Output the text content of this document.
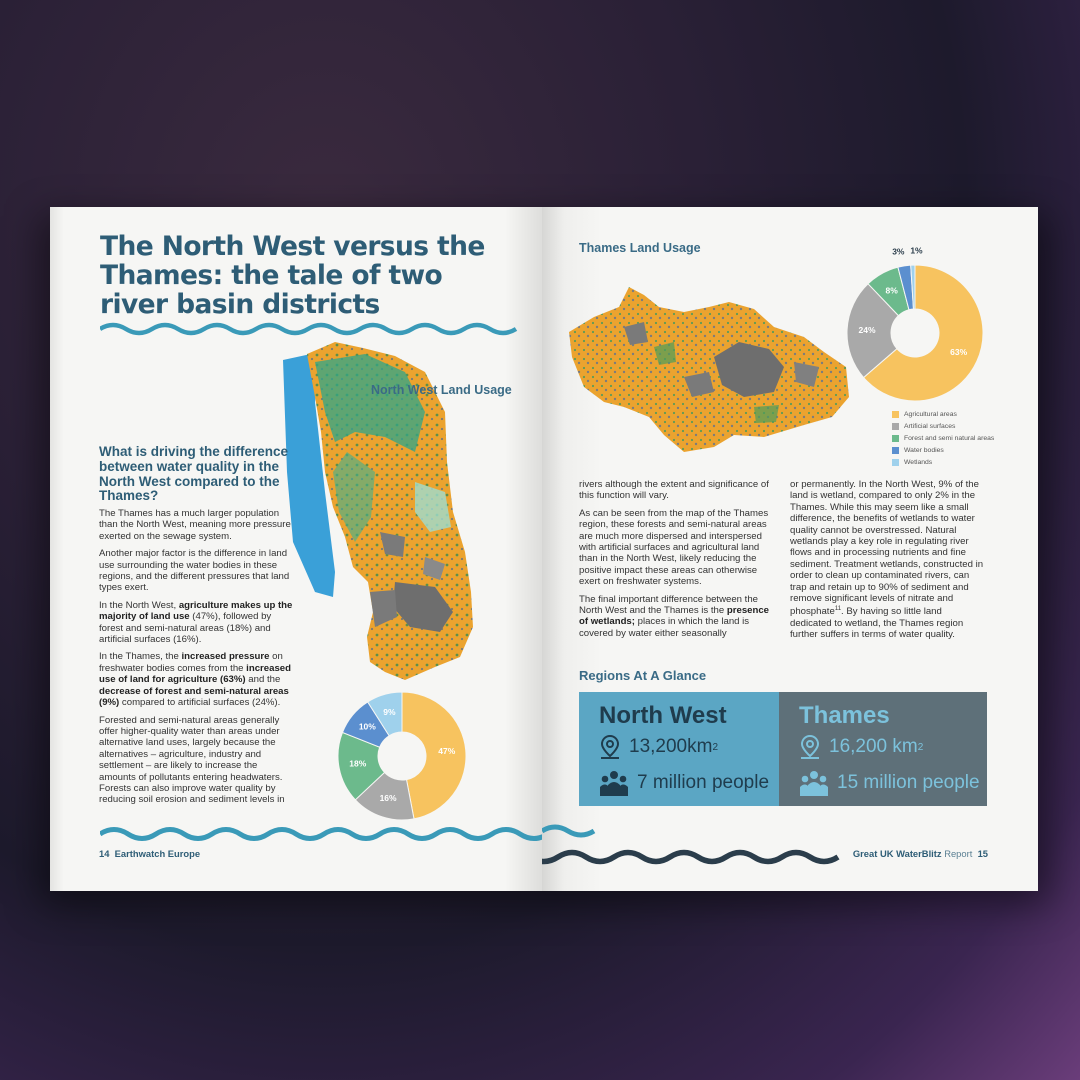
The North West versus the Thames: the tale of two river basin districts
North West Land Usage
What is driving the difference between water quality in the North West compared to the Thames?

The Thames has a much larger population than the North West, meaning more pressure exerted on the sewage system.

Another major factor is the difference in land use surrounding the water bodies in these regions, and the different pressures that land types exert.

In the North West, agriculture makes up the majority of land use (47%), followed by forest and semi-natural areas (18%) and artificial surfaces (16%).

In the Thames, the increased pressure on freshwater bodies comes from the increased use of land for agriculture (63%) and the decrease of forest and semi-natural areas (9%) compared to artificial surfaces (24%).

Forested and semi-natural areas generally offer higher-quality water than areas under alternative land uses, largely because the alternatives – agriculture, industry and settlement – are likely to increase the amounts of pollutants entering headwaters. Forests can also improve water quality by reducing soil erosion and sediment levels in

47%
16%
18%
10%
9%
14 Earthwatch Europe
Thames Land Usage
63%
24%
8%
3% 1%
Agricultural areas
Artificial surfaces
Forest and semi natural areas
Water bodies
Wetlands

rivers although the extent and significance of this function will vary.

As can be seen from the map of the Thames region, these forests and semi-natural areas are much more dispersed and interspersed with artificial surfaces and agricultural land than in the North West, likely reducing the positive impact these areas can otherwise exert on freshwater systems.

The final important difference between the North West and the Thames is the presence of wetlands; places in which the land is covered by water either seasonally

or permanently. In the North West, 9% of the land is wetland, compared to only 2% in the Thames. While this may seem like a small difference, the benefits of wetlands to water quality cannot be overstressed. Natural wetlands play a key role in regulating river flows and in processing nutrients and fine sediment. Treatment wetlands, constructed in order to clean up contaminated rivers, can trap and retain up to 90% of sediment and remove significant levels of nitrate and phosphate$^{11}$. By having so little land dedicated to wetland, the Thames region further suffers in terms of water quality.

Regions At A Glance
North West
13,200km 2
7 million people
Thames
16,200 km 2
15 million people
Great UK WaterBlitz Report 15
